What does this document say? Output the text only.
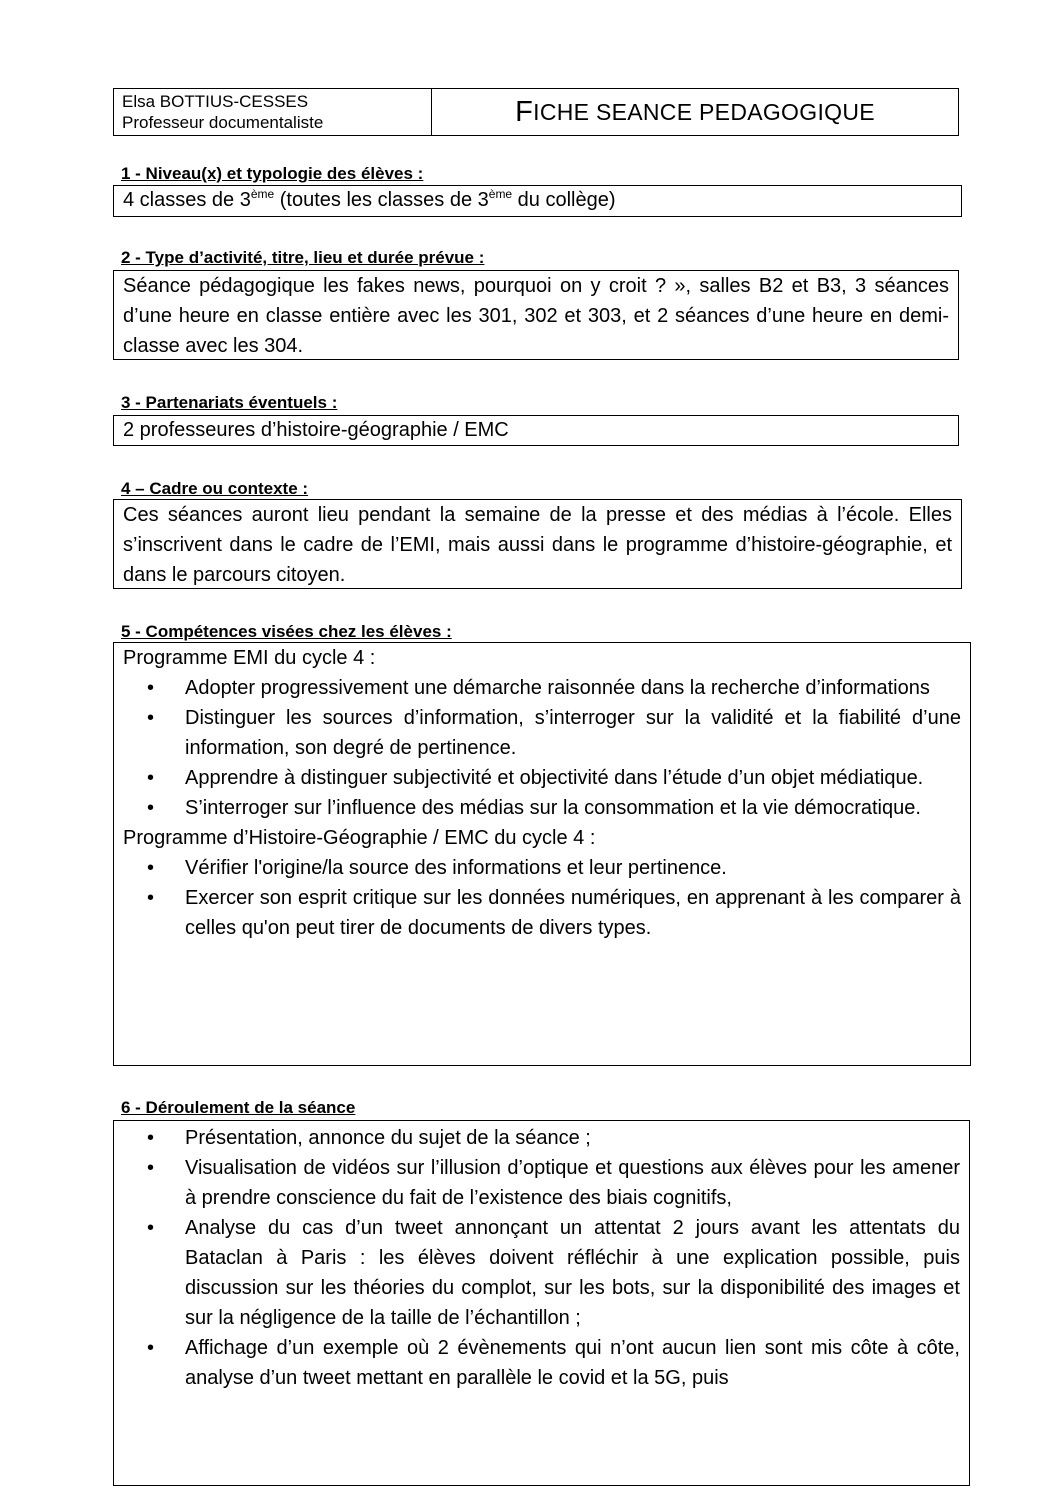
Elsa BOTTIUS-CESSES
Professeur documentaliste	F ICHE SEANCE PEDAGOGIQUE
1 - Niveau(x) et typologie des élèves :
4 classes de 3ème (toutes les classes de 3ème du collège)
2 - Type d’activité, titre, lieu et durée prévue :
Séance pédagogique les fakes news, pourquoi on y croit ? », salles B2 et B3, 3 séances d’une heure en classe entière avec les 301, 302 et 303, et 2 séances d’une heure en demi-classe avec les 304.
3 - Partenariats éventuels :
2 professeures d’histoire-géographie / EMC
4 – Cadre ou contexte :
Ces séances auront lieu pendant la semaine de la presse et des médias à l’école. Elles s’inscrivent dans le cadre de l’EMI, mais aussi dans le programme d’histoire-géographie, et dans le parcours citoyen.
5 - Compétences visées chez les élèves :
Programme EMI du cycle 4 :
• Adopter progressivement une démarche raisonnée dans la recherche d’informations
• Distinguer les sources d’information, s’interroger sur la validité et la fiabilité d’une information, son degré de pertinence.
• Apprendre à distinguer subjectivité et objectivité dans l’étude d’un objet médiatique.
• S’interroger sur l’influence des médias sur la consommation et la vie démocratique.
Programme d’Histoire-Géographie / EMC du cycle 4 :
• Vérifier l'origine/la source des informations et leur pertinence.
• Exercer son esprit critique sur les données numériques, en apprenant à les comparer à celles qu'on peut tirer de documents de divers types.
6 - Déroulement de la séance
• Présentation, annonce du sujet de la séance ;
• Visualisation de vidéos sur l’illusion d’optique et questions aux élèves pour les amener à prendre conscience du fait de l’existence des biais cognitifs,
• Analyse du cas d’un tweet annonçant un attentat 2 jours avant les attentats du Bataclan à Paris : les élèves doivent réfléchir à une explication possible, puis discussion sur les théories du complot, sur les bots, sur la disponibilité des images et sur la négligence de la taille de l’échantillon ;
• Affichage d’un exemple où 2 évènements qui n’ont aucun lien sont mis côte à côte, analyse d’un tweet mettant en parallèle le covid et la 5G, puis
